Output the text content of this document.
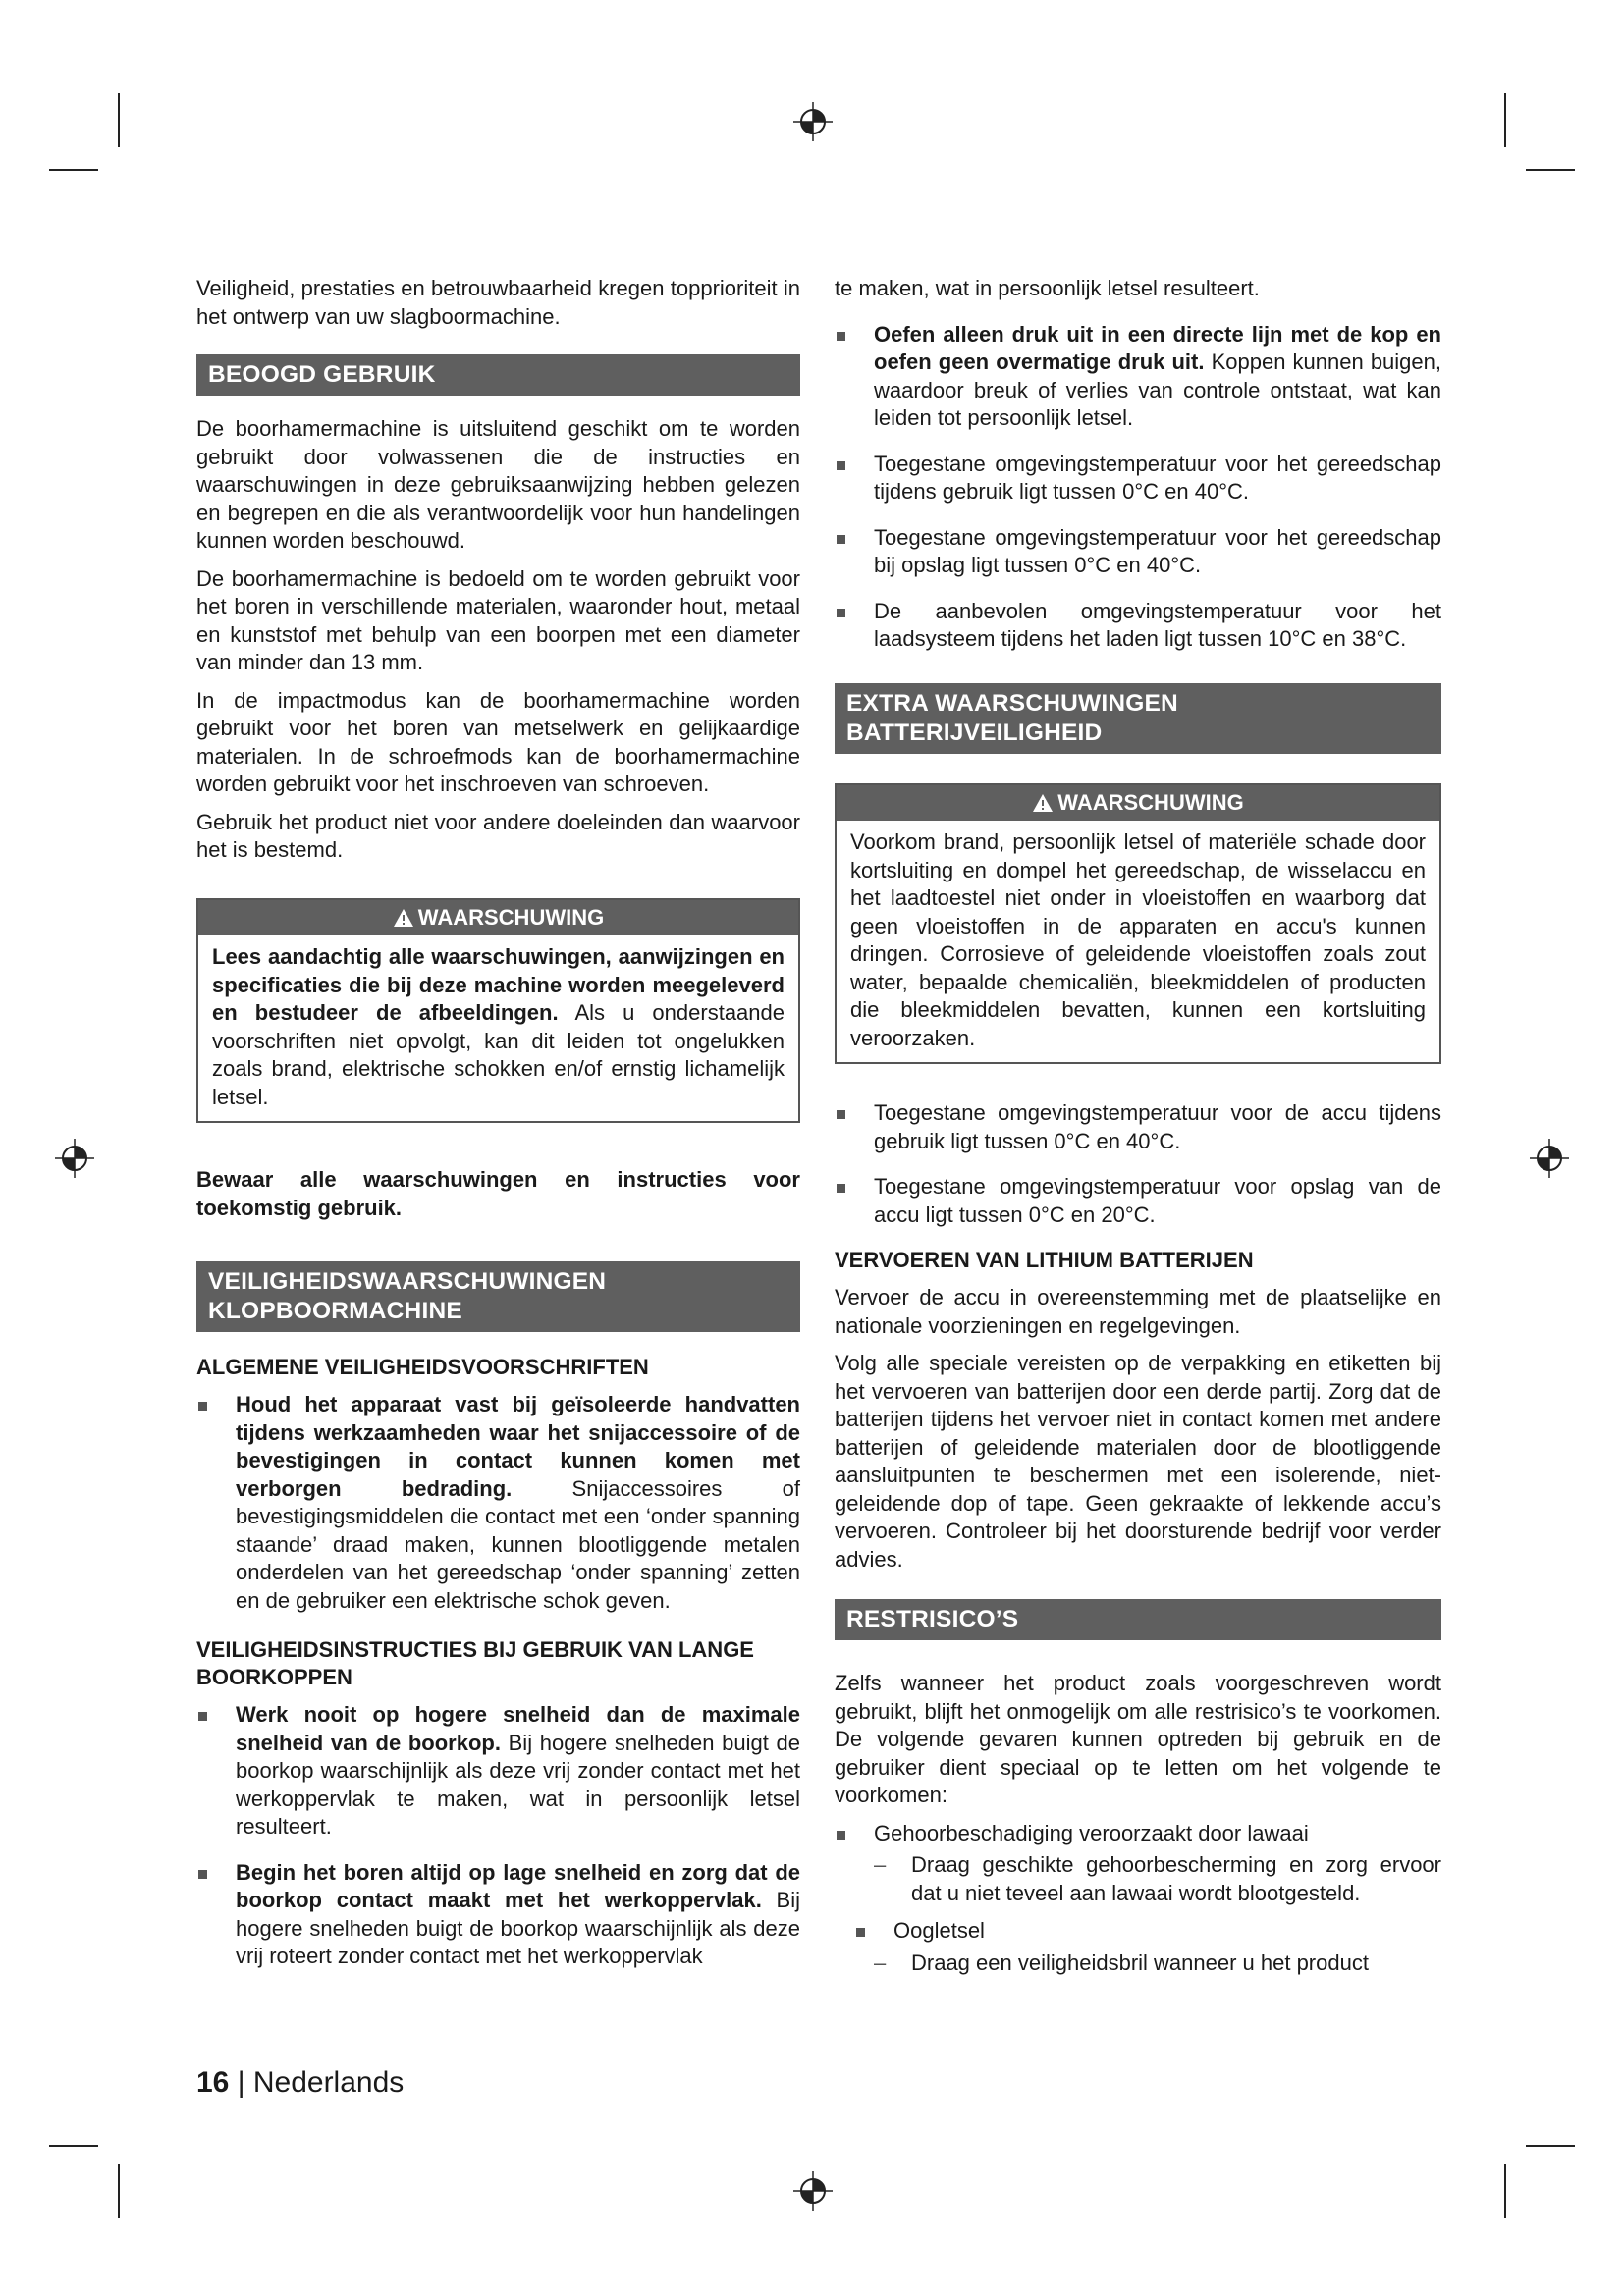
Veiligheid, prestaties en betrouwbaarheid kregen topprioriteit in het ontwerp van uw slagboormachine.

BEOOGD GEBRUIK

De boorhamermachine is uitsluitend geschikt om te worden gebruikt door volwassenen die de instructies en waarschuwingen in deze gebruiksaanwijzing hebben gelezen en begrepen en die als verantwoordelijk voor hun handelingen kunnen worden beschouwd.

De boorhamermachine is bedoeld om te worden gebruikt voor het boren in verschillende materialen, waaronder hout, metaal en kunststof met behulp van een boorpen met een diameter van minder dan 13 mm.

In de impactmodus kan de boorhamermachine worden gebruikt voor het boren van metselwerk en gelijkaardige materialen. In de schroefmods kan de boorhamermachine worden gebruikt voor het inschroeven van schroeven.

Gebruik het product niet voor andere doeleinden dan waarvoor het is bestemd.

WAARSCHUWING

Lees aandachtig alle waarschuwingen, aanwijzingen en specificaties die bij deze machine worden meegeleverd en bestudeer de afbeeldingen. Als u onderstaande voorschriften niet opvolgt, kan dit leiden tot ongelukken zoals brand, elektrische schokken en/of ernstig lichamelijk letsel.

Bewaar alle waarschuwingen en instructies voor toekomstig gebruik.

VEILIGHEIDSWAARSCHUWINGEN
KLOPBOORMACHINE
ALGEMENE VEILIGHEIDSVOORSCHRIFTEN
Houd het apparaat vast bij geïsoleerde handvatten tijdens werkzaamheden waar het snijaccessoire of de bevestigingen in contact kunnen komen met verborgen bedrading. Snijaccessoires of bevestigingsmiddelen die contact met een ‘onder spanning staande’ draad maken, kunnen blootliggende metalen onderdelen van het gereedschap ‘onder spanning’ zetten en de gebruiker een elektrische schok geven.
VEILIGHEIDSINSTRUCTIES BIJ GEBRUIK VAN LANGE BOORKOPPEN
Werk nooit op hogere snelheid dan de maximale snelheid van de boorkop. Bij hogere snelheden buigt de boorkop waarschijnlijk als deze vrij zonder contact met het werkoppervlak te maken, wat in persoonlijk letsel resulteert.
Begin het boren altijd op lage snelheid en zorg dat de boorkop contact maakt met het werkoppervlak. Bij hogere snelheden buigt de boorkop waarschijnlijk als deze vrij roteert zonder contact met het werkoppervlak

te maken, wat in persoonlijk letsel resulteert.

Oefen alleen druk uit in een directe lijn met de kop en oefen geen overmatige druk uit. Koppen kunnen buigen, waardoor breuk of verlies van controle ontstaat, wat kan leiden tot persoonlijk letsel.
Toegestane omgevingstemperatuur voor het gereedschap tijdens gebruik ligt tussen 0°C en 40°C.
Toegestane omgevingstemperatuur voor het gereedschap bij opslag ligt tussen 0°C en 40°C.
De aanbevolen omgevingstemperatuur voor het laadsysteem tijdens het laden ligt tussen 10°C en 38°C.
EXTRA WAARSCHUWINGEN
BATTERIJVEILIGHEID
WAARSCHUWING

Voorkom brand, persoonlijk letsel of materiële schade door kortsluiting en dompel het gereedschap, de wisselaccu en het laadtoestel niet onder in vloeistoffen en waarborg dat geen vloeistoffen in de apparaten en accu's kunnen dringen. Corrosieve of geleidende vloeistoffen zoals zout water, bepaalde chemicaliën, bleekmiddelen of producten die bleekmiddelen bevatten, kunnen een kortsluiting veroorzaken.

Toegestane omgevingstemperatuur voor de accu tijdens gebruik ligt tussen 0°C en 40°C.
Toegestane omgevingstemperatuur voor opslag van de accu ligt tussen 0°C en 20°C.
VERVOEREN VAN LITHIUM BATTERIJEN

Vervoer de accu in overeenstemming met de plaatselijke en nationale voorzieningen en regelgevingen.

Volg alle speciale vereisten op de verpakking en etiketten bij het vervoeren van batterijen door een derde partij. Zorg dat de batterijen tijdens het vervoer niet in contact komen met andere batterijen of geleidende materialen door de blootliggende aansluitpunten te beschermen met een isolerende, niet-geleidende dop of tape. Geen gekraakte of lekkende accu’s vervoeren. Controleer bij het doorsturende bedrijf voor verder advies.

RESTRISICO’S

Zelfs wanneer het product zoals voorgeschreven wordt gebruikt, blijft het onmogelijk om alle restrisico’s te voorkomen. De volgende gevaren kunnen optreden bij gebruik en de gebruiker dient speciaal op te letten om het volgende te voorkomen:

Gehoorbeschadiging veroorzaakt door lawaai
– Draag geschikte gehoorbescherming en zorg ervoor dat u niet teveel aan lawaai wordt blootgesteld.
Oogletsel
– Draag een veiligheidsbril wanneer u het product
16 | Nederlands
